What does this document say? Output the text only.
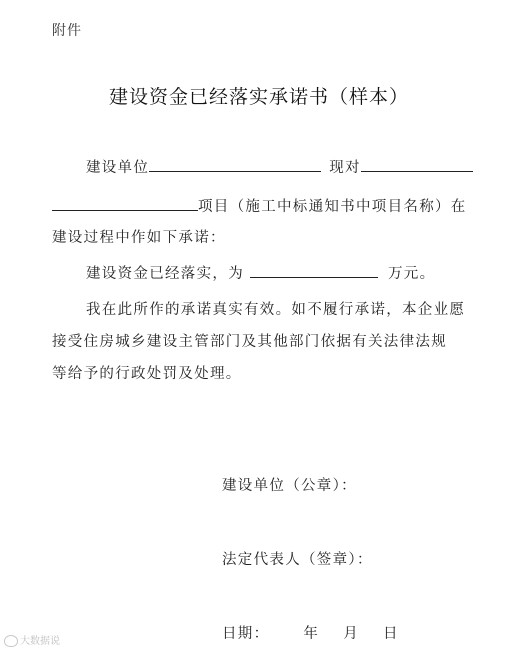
附件
建设资金已经落实承诺书（样本）
建设单位	现对
项目（施工中标通知书中项目名称）在
建设过程中作如下承诺：
建设资金已经落实，为	万元。
我在此所作的承诺真实有效。如不履行承诺，本企业愿
接受住房城乡建设主管部门及其他部门依据有关法律法规
等给予的行政处罚及处理。
建设单位（公章）：
法定代表人（签章）：
日期： 年 月 日
大数据说
